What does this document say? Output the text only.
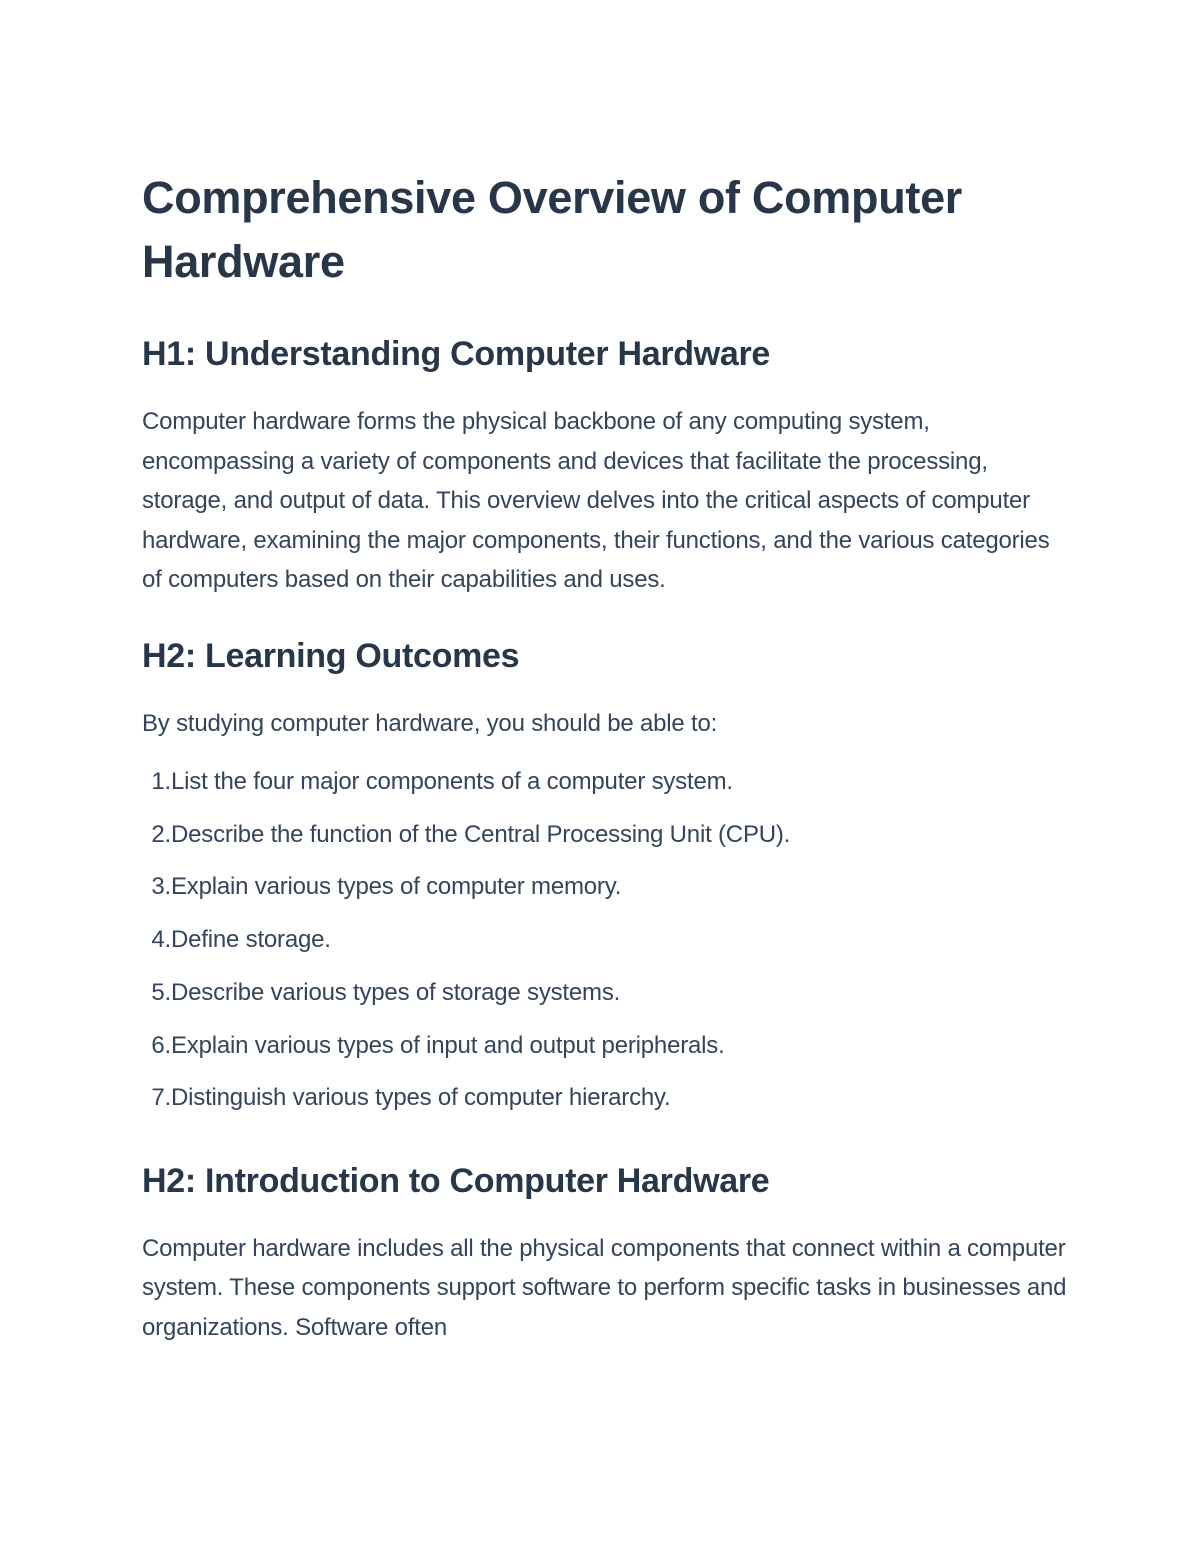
Comprehensive Overview of Computer Hardware
H1: Understanding Computer Hardware

Computer hardware forms the physical backbone of any computing system, encompassing a variety of components and devices that facilitate the processing, storage, and output of data. This overview delves into the critical aspects of computer hardware, examining the major components, their functions, and the various categories of computers based on their capabilities and uses.

H2: Learning Outcomes

By studying computer hardware, you should be able to:

1. List the four major components of a computer system.
2. Describe the function of the Central Processing Unit (CPU).
3. Explain various types of computer memory.
4. Define storage.
5. Describe various types of storage systems.
6. Explain various types of input and output peripherals.
7. Distinguish various types of computer hierarchy.
H2: Introduction to Computer Hardware

Computer hardware includes all the physical components that connect within a computer system. These components support software to perform specific tasks in businesses and organizations. Software often
